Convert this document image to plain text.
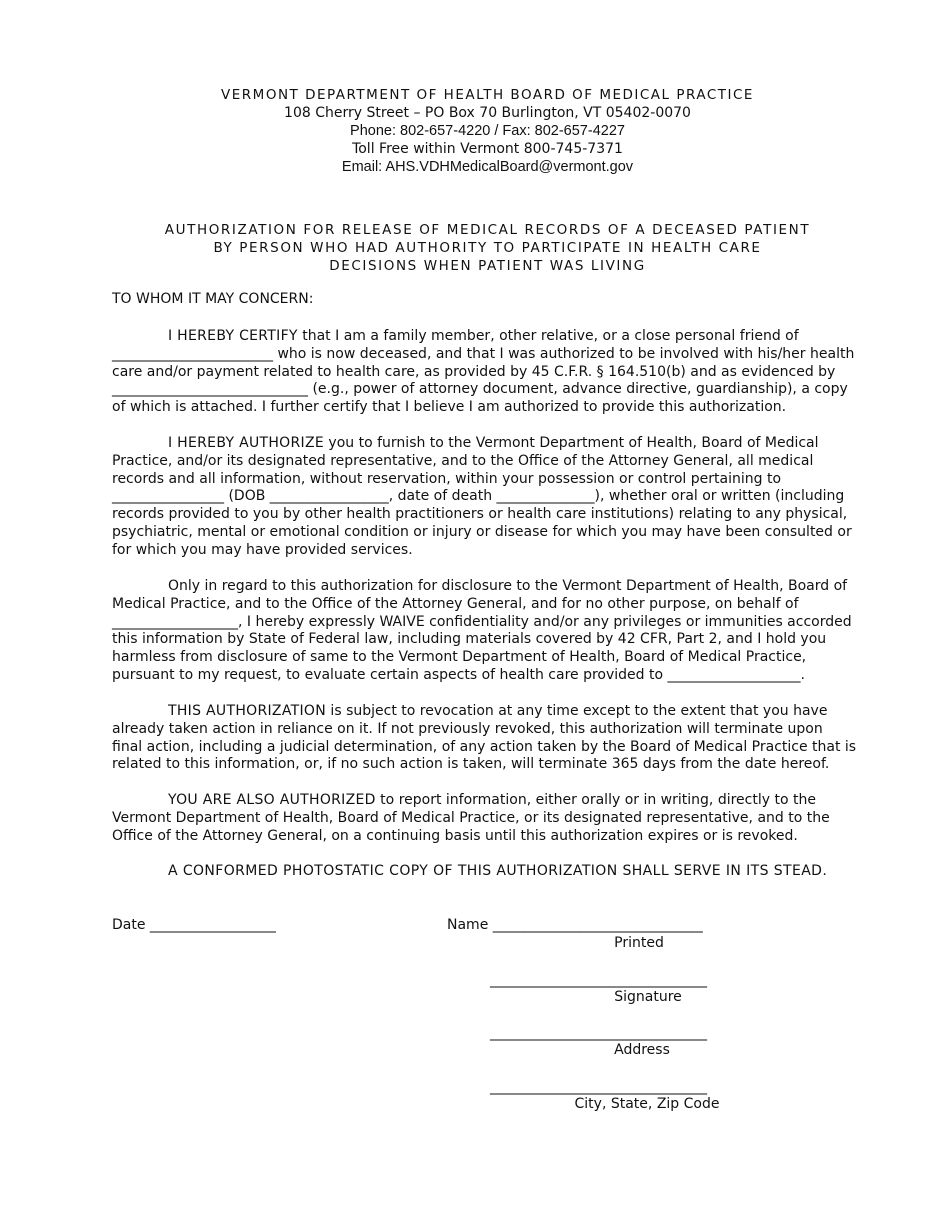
VERMONT DEPARTMENT OF HEALTH BOARD OF MEDICAL PRACTICE
108 Cherry Street – PO Box 70 Burlington, VT 05402-0070
Phone: 802-657-4220 / Fax: 802-657-4227
Toll Free within Vermont 800-745-7371
Email: AHS.VDHMedicalBoard@vermont.gov
AUTHORIZATION FOR RELEASE OF MEDICAL RECORDS OF A DECEASED PATIENT
BY PERSON WHO HAD AUTHORITY TO PARTICIPATE IN HEALTH CARE
DECISIONS WHEN PATIENT WAS LIVING
TO WHOM IT MAY CONCERN:

I HEREBY CERTIFY that I am a family member, other relative, or a close personal friend of _______________________ who is now deceased, and that I was authorized to be involved with his/her health care and/or payment related to health care, as provided by 45 C.F.R. § 164.510(b) and as evidenced by ____________________________ (e.g., power of attorney document, advance directive, guardianship), a copy of which is attached. I further certify that I believe I am authorized to provide this authorization.

I HEREBY AUTHORIZE you to furnish to the Vermont Department of Health, Board of Medical Practice, and/or its designated representative, and to the Office of the Attorney General, all medical records and all information, without reservation, within your possession or control pertaining to ________________ (DOB _________________, date of death ______________), whether oral or written (including records provided to you by other health practitioners or health care institutions) relating to any physical, psychiatric, mental or emotional condition or injury or disease for which you may have been consulted or for which you may have provided services.

Only in regard to this authorization for disclosure to the Vermont Department of Health, Board of Medical Practice, and to the Office of the Attorney General, and for no other purpose, on behalf of __________________, I hereby expressly WAIVE confidentiality and/or any privileges or immunities accorded this information by State of Federal law, including materials covered by 42 CFR, Part 2, and I hold you harmless from disclosure of same to the Vermont Department of Health, Board of Medical Practice, pursuant to my request, to evaluate certain aspects of health care provided to ___________________.

THIS AUTHORIZATION is subject to revocation at any time except to the extent that you have already taken action in reliance on it. If not previously revoked, this authorization will terminate upon final action, including a judicial determination, of any action taken by the Board of Medical Practice that is related to this information, or, if no such action is taken, will terminate 365 days from the date hereof.

YOU ARE ALSO AUTHORIZED to report information, either orally or in writing, directly to the Vermont Department of Health, Board of Medical Practice, or its designated representative, and to the Office of the Attorney General, on a continuing basis until this authorization expires or is revoked.

A CONFORMED PHOTOSTATIC COPY OF THIS AUTHORIZATION SHALL SERVE IN ITS STEAD.

Date __________________	Name ______________________________
Printed
_______________________________
Signature
_______________________________
Address
_______________________________
City, State, Zip Code
